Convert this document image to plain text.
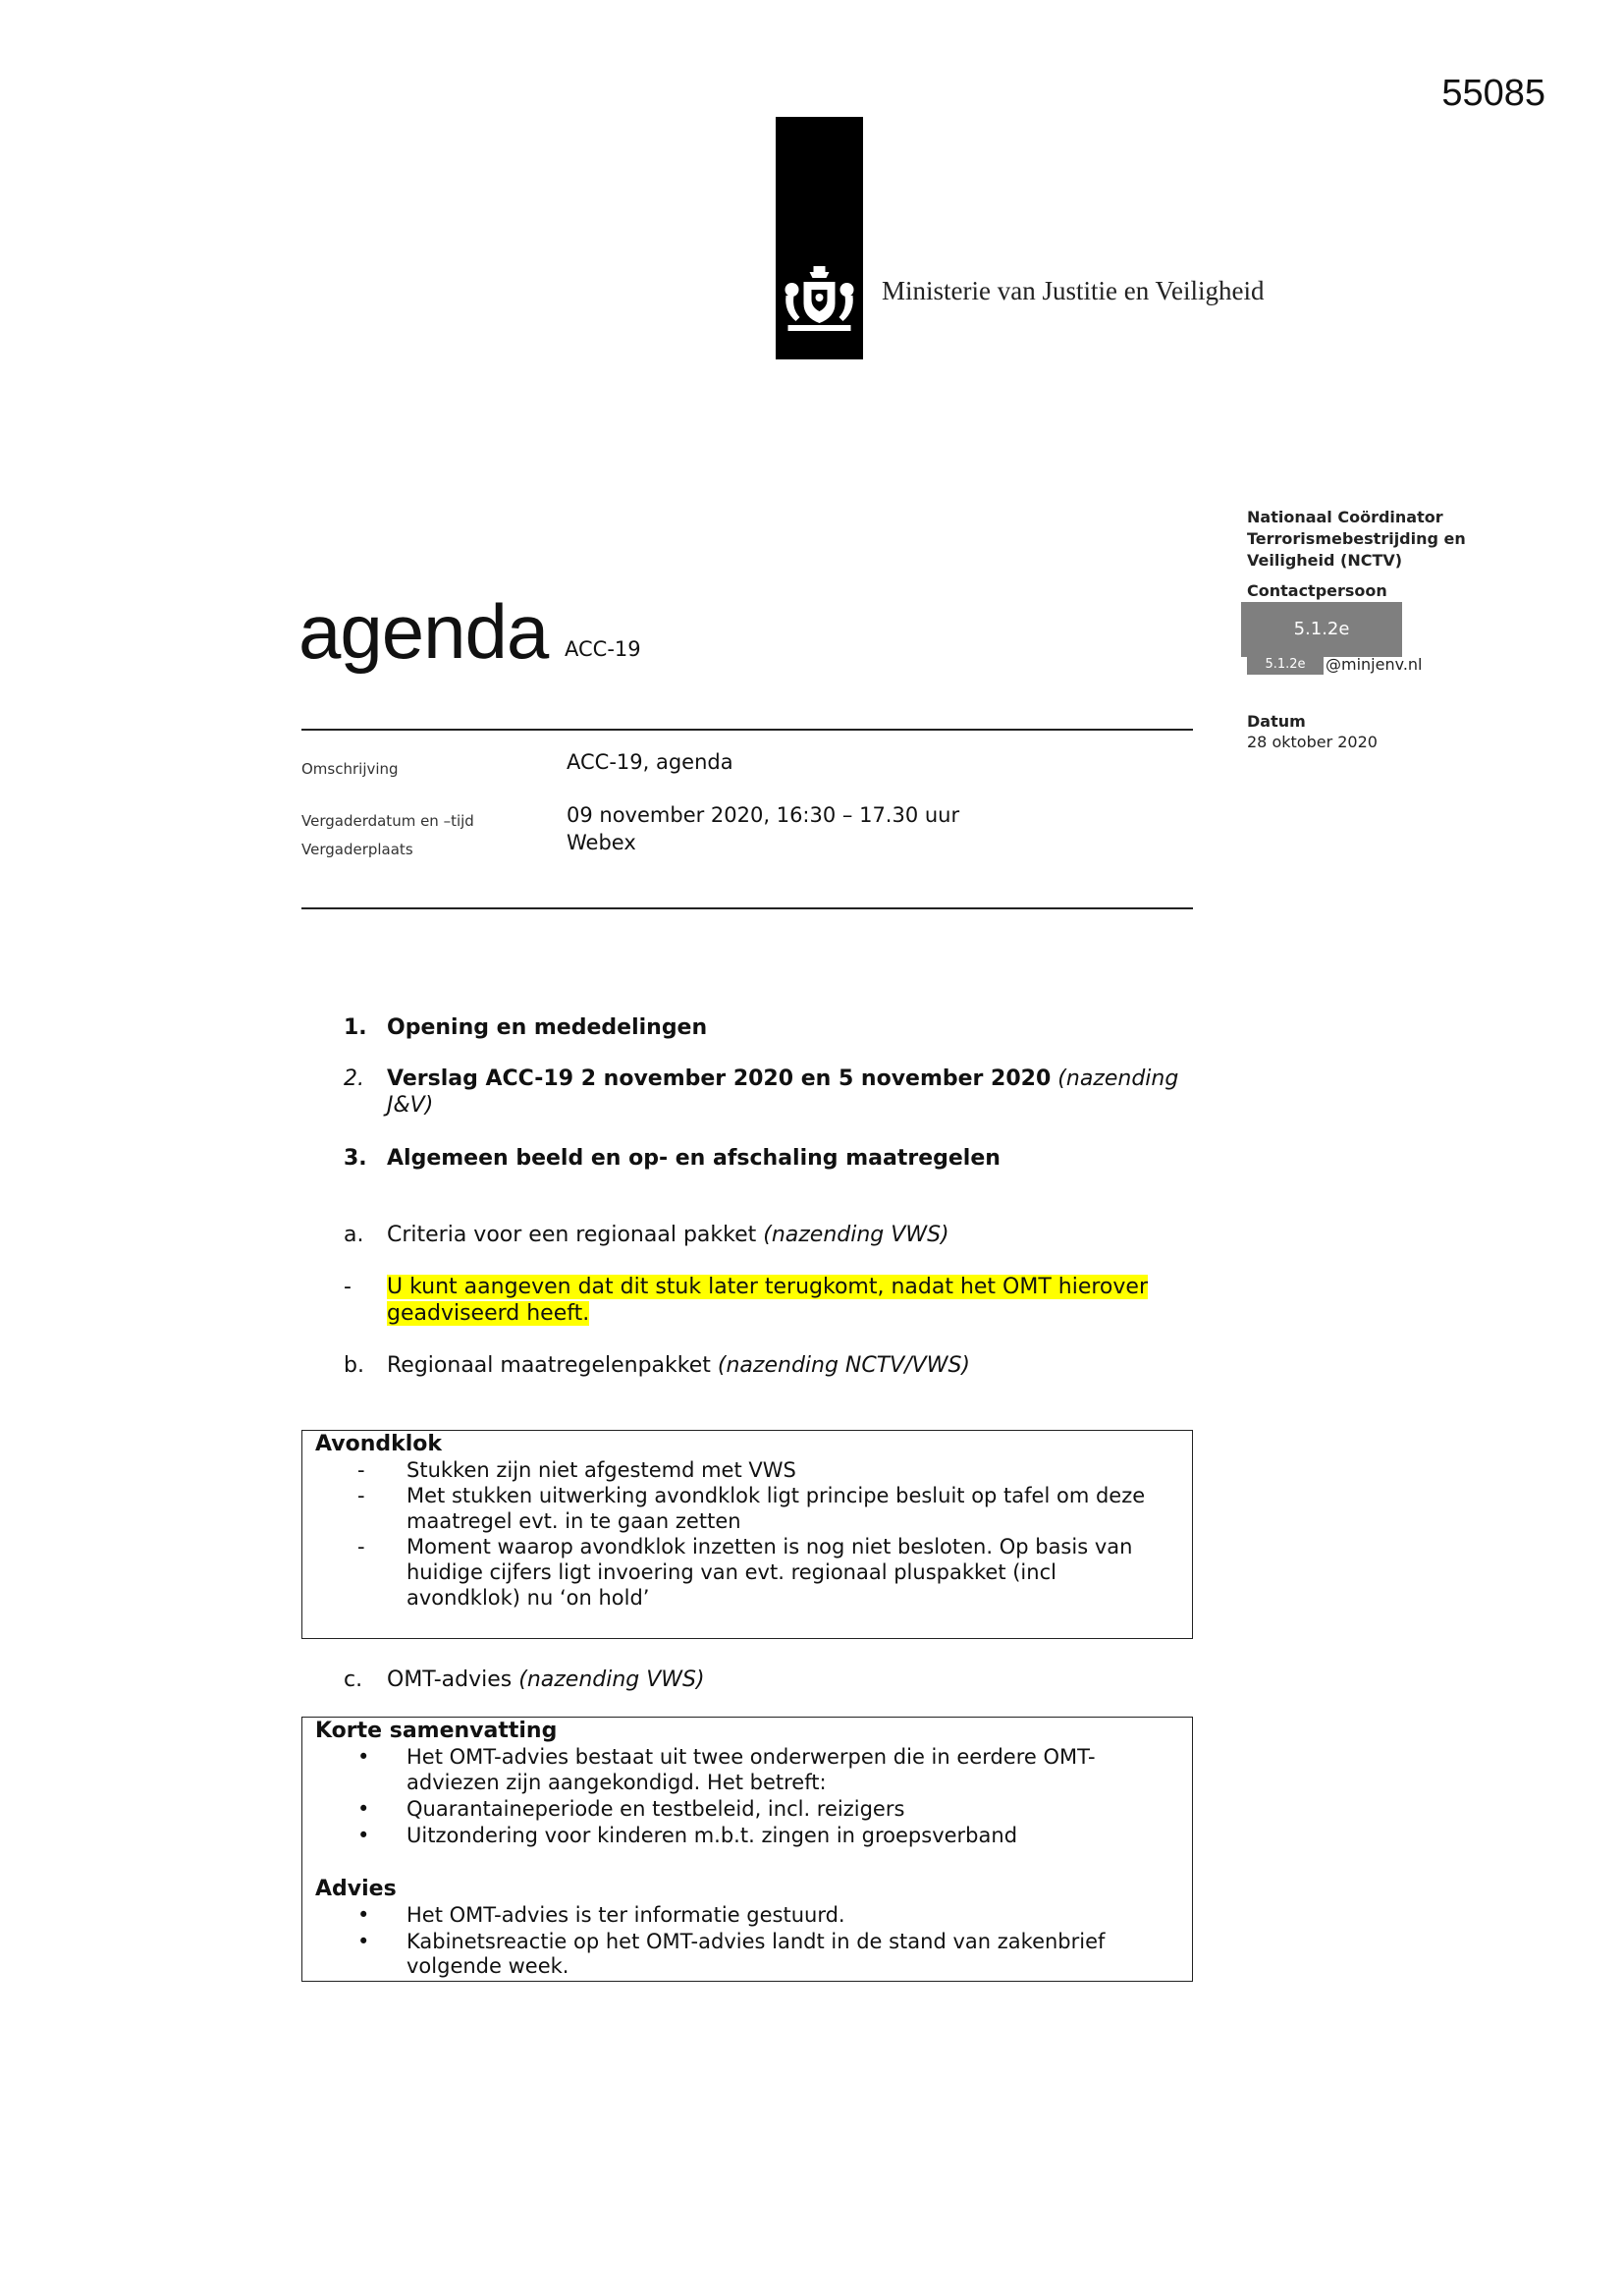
55085
Ministerie van Justitie en Veiligheid
Nationaal Coördinator
Terrorismebestrijding en
Veiligheid (NCTV)
Contactpersoon
5.1.2e
5.1.2e	@minjenv.nl
Datum
28 oktober 2020
agenda ACC-19
Omschrijving	ACC-19, agenda
Vergaderdatum en –tijd	09 november 2020, 16:30 – 17.30 uur
Vergaderplaats	Webex
1. Opening en mededelingen
2. Verslag ACC-19 2 november 2020 en 5 november 2020 (nazending
J&V)
3. Algemeen beeld en op- en afschaling maatregelen
a. Criteria voor een regionaal pakket (nazending VWS)
- U kunt aangeven dat dit stuk later terugkomt, nadat het OMT hierover
geadviseerd heeft.
b. Regionaal maatregelenpakket (nazending NCTV/VWS)
Avondklok
-	Stukken zijn niet afgestemd met VWS
-	Met stukken uitwerking avondklok ligt principe besluit op tafel om deze
maatregel evt. in te gaan zetten
-	Moment waarop avondklok inzetten is nog niet besloten. Op basis van
huidige cijfers ligt invoering van evt. regionaal pluspakket (incl
avondklok) nu ‘on hold’
c. OMT-advies (nazending VWS)
Korte samenvatting
•	Het OMT-advies bestaat uit twee onderwerpen die in eerdere OMT-
adviezen zijn aangekondigd. Het betreft:
•	Quarantaineperiode en testbeleid, incl. reizigers
•	Uitzondering voor kinderen m.b.t. zingen in groepsverband
Advies
•	Het OMT-advies is ter informatie gestuurd.
•	Kabinetsreactie op het OMT-advies landt in de stand van zakenbrief
volgende week.
